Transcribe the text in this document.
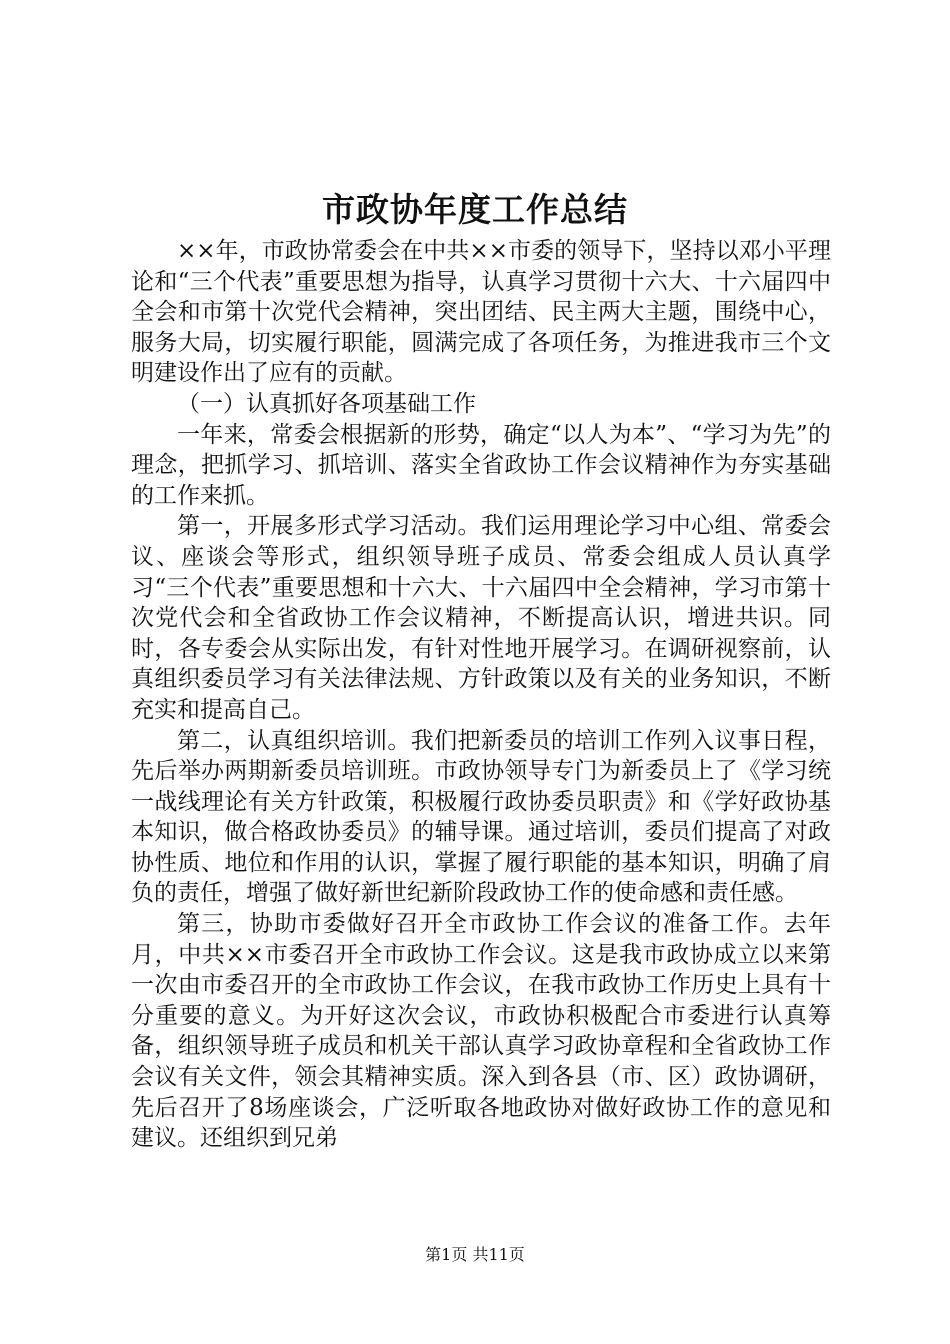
市政协年度工作总结

××年，市政协常委会在中共××市委的领导下，坚持以邓小平理论和“三个代表”重要思想为指导，认真学习贯彻十六大、十六届四中全会和市第十次党代会精神，突出团结、民主两大主题，围绕中心，服务大局，切实履行职能，圆满完成了各项任务，为推进我市三个文明建设作出了应有的贡献。

（一）认真抓好各项基础工作

一年来，常委会根据新的形势，确定“以人为本”、“学习为先”的理念，把抓学习、抓培训、落实全省政协工作会议精神作为夯实基础的工作来抓。

第一，开展多形式学习活动。我们运用理论学习中心组、常委会议、座谈会等形式，组织领导班子成员、常委会组成人员认真学习“三个代表”重要思想和十六大、十六届四中全会精神，学习市第十次党代会和全省政协工作会议精神，不断提高认识，增进共识。同时，各专委会从实际出发，有针对性地开展学习。在调研视察前，认真组织委员学习有关法律法规、方针政策以及有关的业务知识，不断充实和提高自己。

第二，认真组织培训。我们把新委员的培训工作列入议事日程，先后举办两期新委员培训班。市政协领导专门为新委员上了《学习统一战线理论有关方针政策，积极履行政协委员职责》和《学好政协基本知识，做合格政协委员》的辅导课。通过培训，委员们提高了对政协性质、地位和作用的认识，掌握了履行职能的基本知识，明确了肩负的责任，增强了做好新世纪新阶段政协工作的使命感和责任感。

第三，协助市委做好召开全市政协工作会议的准备工作。去年月，中共××市委召开全市政协工作会议。这是我市政协成立以来第一次由市委召开的全市政协工作会议，在我市政协工作历史上具有十分重要的意义。为开好这次会议，市政协积极配合市委进行认真筹备，组织领导班子成员和机关干部认真学习政协章程和全省政协工作会议有关文件，领会其精神实质。深入到各县（市、区）政协调研，先后召开了8场座谈会，广泛听取各地政协对做好政协工作的意见和建议。还组织到兄弟

第1页 共11页
